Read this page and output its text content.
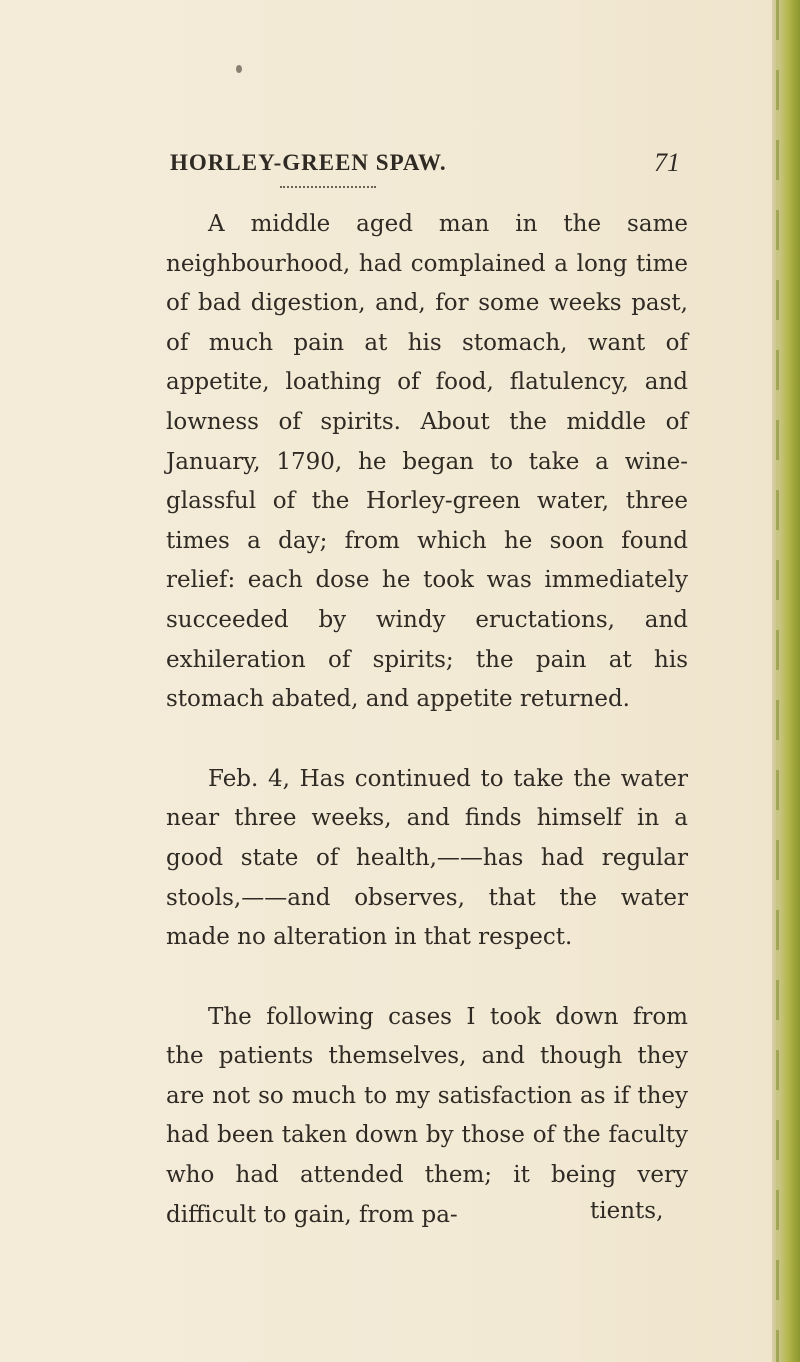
HORLEY-GREEN SPAW.	71

A middle aged man in the same neighbourhood, had complained a long time of bad digestion, and, for some weeks past, of much pain at his stomach, want of appetite, loathing of food, flatulency, and lowness of spirits. About the middle of January, 1790, he began to take a wine-glassful of the Horley-green water, three times a day; from which he soon found relief: each dose he took was immediately succeeded by windy eructations, and exhileration of spirits; the pain at his stomach abated, and appetite returned.

Feb. 4, Has continued to take the water near three weeks, and finds himself in a good state of health,——has had regular stools,——and observes, that the water made no alteration in that respect.

The following cases I took down from the patients themselves, and though they are not so much to my satisfaction as if they had been taken down by those of the faculty who had attended them; it being very difficult to gain, from pa-	tients,
